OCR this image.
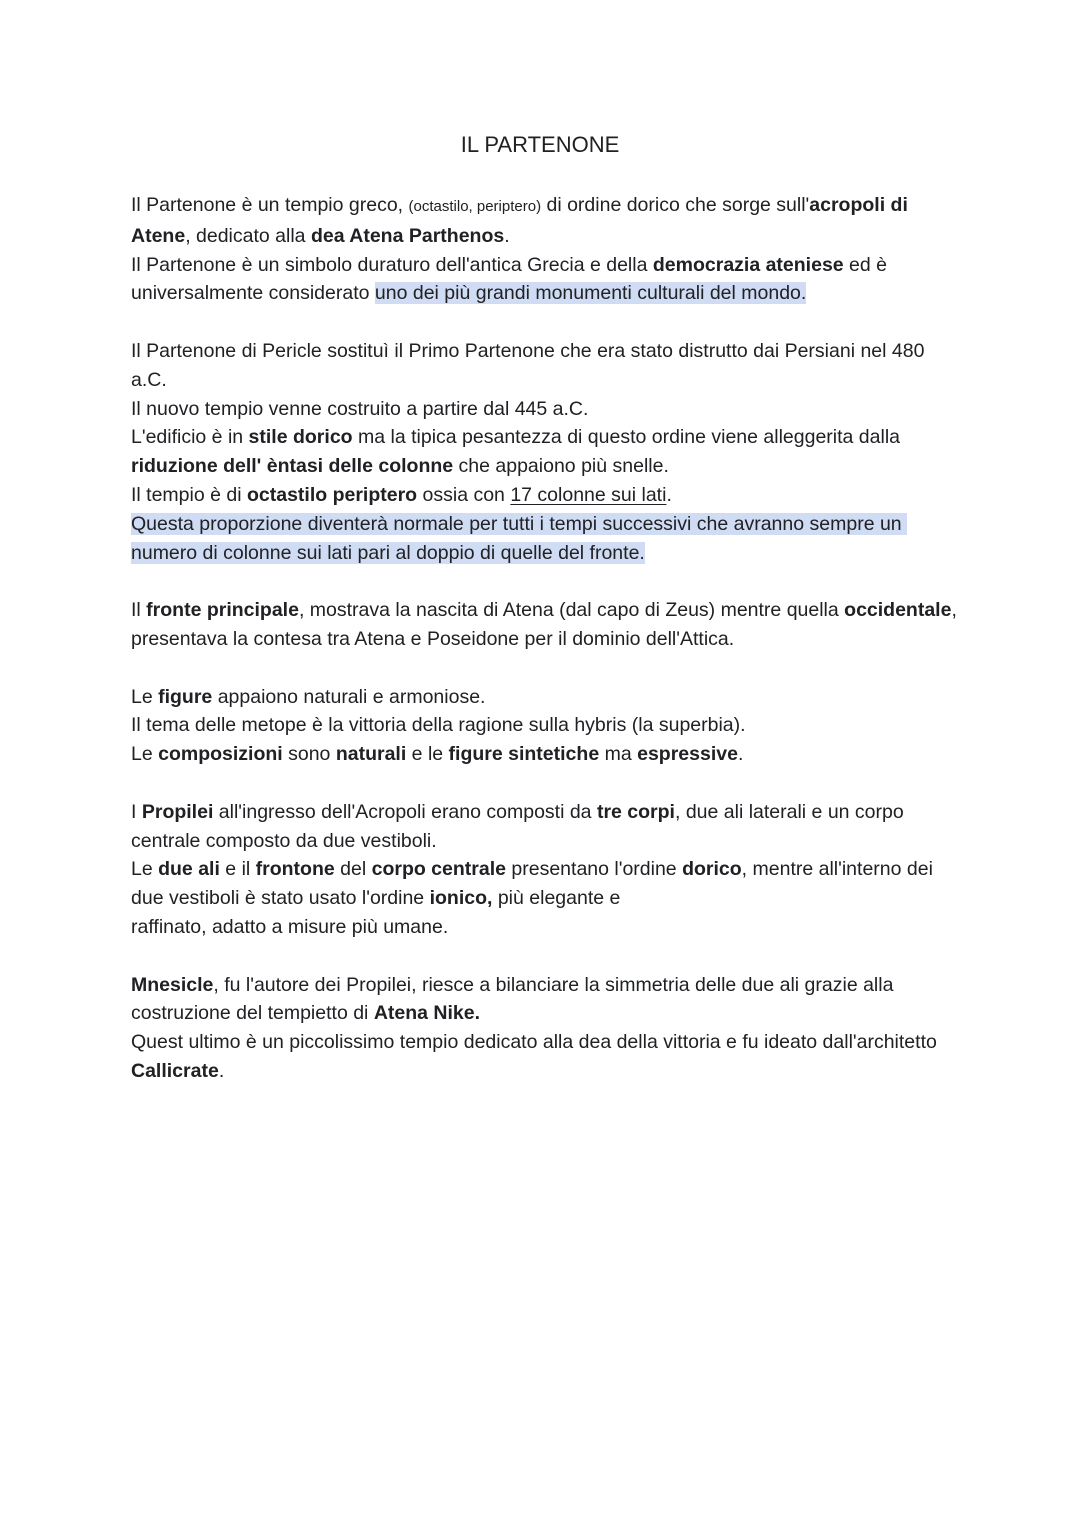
IL PARTENONE

Il Partenone è un tempio greco, (octastilo, periptero) di ordine dorico che sorge sull'acropoli di Atene, dedicato alla dea Atena Parthenos.
Il Partenone è un simbolo duraturo dell'antica Grecia e della democrazia ateniese ed è universalmente considerato uno dei più grandi monumenti culturali del mondo.

Il Partenone di Pericle sostituì il Primo Partenone che era stato distrutto dai Persiani nel 480 a.C.
Il nuovo tempio venne costruito a partire dal 445 a.C.
L'edificio è in stile dorico ma la tipica pesantezza di questo ordine viene alleggerita dalla riduzione dell' èntasi delle colonne che appaiono più snelle.
Il tempio è di octastilo periptero ossia con 17 colonne sui lati.
Questa proporzione diventerà normale per tutti i tempi successivi che avranno sempre un numero di colonne sui lati pari al doppio di quelle del fronte.

Il fronte principale, mostrava la nascita di Atena (dal capo di Zeus) mentre quella occidentale, presentava la contesa tra Atena e Poseidone per il dominio dell'Attica.

Le figure appaiono naturali e armoniose.
Il tema delle metope è la vittoria della ragione sulla hybris (la superbia).
Le composizioni sono naturali e le figure sintetiche ma espressive.

I Propilei all'ingresso dell'Acropoli erano composti da tre corpi, due ali laterali e un corpo centrale composto da due vestiboli.
Le due ali e il frontone del corpo centrale presentano l'ordine dorico, mentre all'interno dei due vestiboli è stato usato l'ordine ionico, più elegante e
raffinato, adatto a misure più umane.

Mnesicle, fu l'autore dei Propilei, riesce a bilanciare la simmetria delle due ali grazie alla costruzione del tempietto di Atena Nike.
Quest ultimo è un piccolissimo tempio dedicato alla dea della vittoria e fu ideato dall'architetto Callicrate.
